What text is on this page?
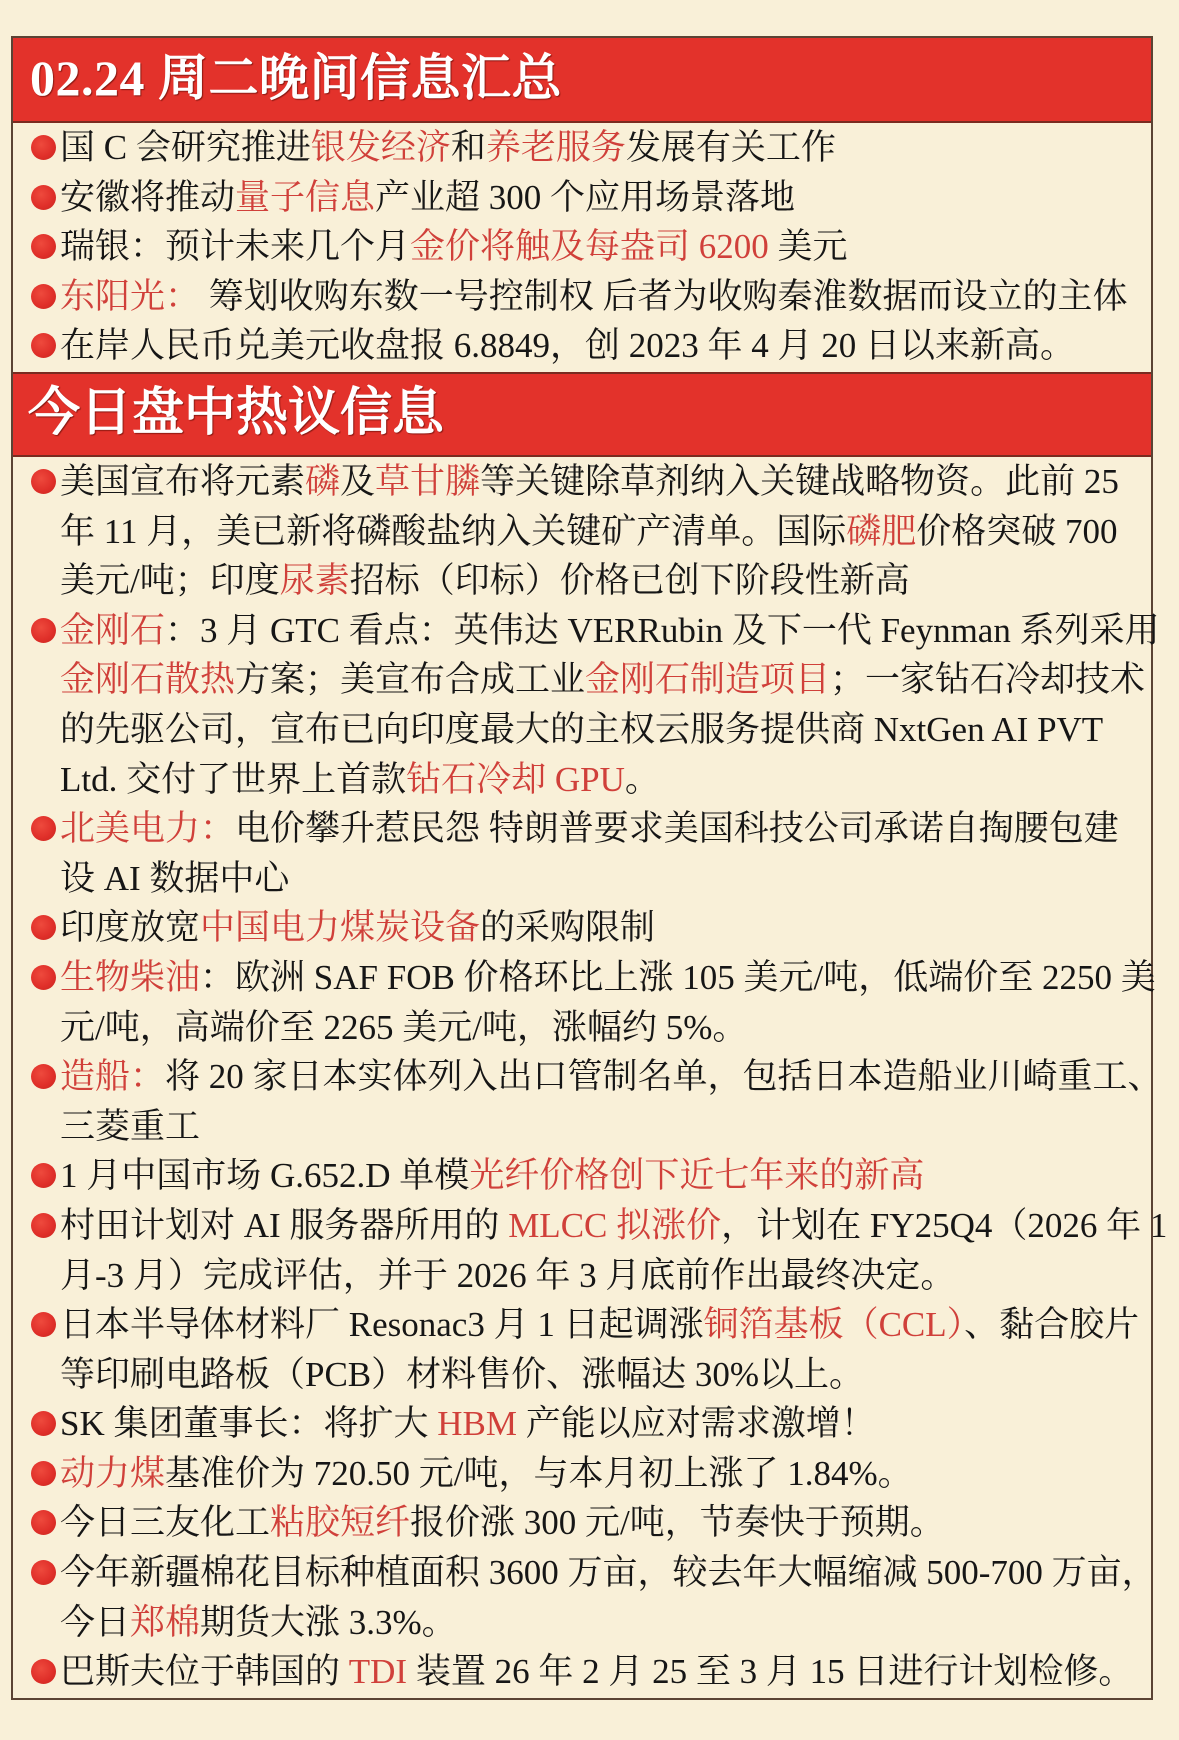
02.24 周二晚间信息汇总
国 C 会研究推进银发经济和养老服务发展有关工作
安徽将推动量子信息产业超 300 个应用场景落地
瑞银：预计未来几个月金价将触及每盎司 6200 美元
东阳光： 筹划收购东数一号控制权 后者为收购秦淮数据而设立的主体
在岸人民币兑美元收盘报 6.8849，创 2023 年 4 月 20 日以来新高。
今日盘中热议信息
美国宣布将元素磷及草甘膦等关键除草剂纳入关键战略物资。此前 25
年 11 月，美已新将磷酸盐纳入关键矿产清单。国际磷肥价格突破 700
美元/吨；印度尿素招标（印标）价格已创下阶段性新高
金刚石：3 月 GTC 看点：英伟达 VERRubin 及下一代 Feynman 系列采用
金刚石散热方案；美宣布合成工业金刚石制造项目；一家钻石冷却技术
的先驱公司，宣布已向印度最大的主权云服务提供商 NxtGen AI PVT
Ltd. 交付了世界上首款钻石冷却 GPU。
北美电力：电价攀升惹民怨 特朗普要求美国科技公司承诺自掏腰包建
设 AI 数据中心
印度放宽中国电力煤炭设备的采购限制
生物柴油：欧洲 SAF FOB 价格环比上涨 105 美元/吨，低端价至 2250 美
元/吨，高端价至 2265 美元/吨，涨幅约 5%。
造船：将 20 家日本实体列入出口管制名单，包括日本造船业川崎重工、
三菱重工
1 月中国市场 G.652.D 单模光纤价格创下近七年来的新高
村田计划对 AI 服务器所用的 MLCC 拟涨价，计划在 FY25Q4（2026 年 1
月-3 月）完成评估，并于 2026 年 3 月底前作出最终决定。
日本半导体材料厂 Resonac3 月 1 日起调涨铜箔基板（CCL）、黏合胶片
等印刷电路板（PCB）材料售价、涨幅达 30%以上。
SK 集团董事长：将扩大 HBM 产能以应对需求激增！
动力煤基准价为 720.50 元/吨，与本月初上涨了 1.84%。
今日三友化工粘胶短纤报价涨 300 元/吨，节奏快于预期。
今年新疆棉花目标种植面积 3600 万亩，较去年大幅缩减 500-700 万亩，
今日郑棉期货大涨 3.3%。
巴斯夫位于韩国的 TDI 装置 26 年 2 月 25 至 3 月 15 日进行计划检修。
